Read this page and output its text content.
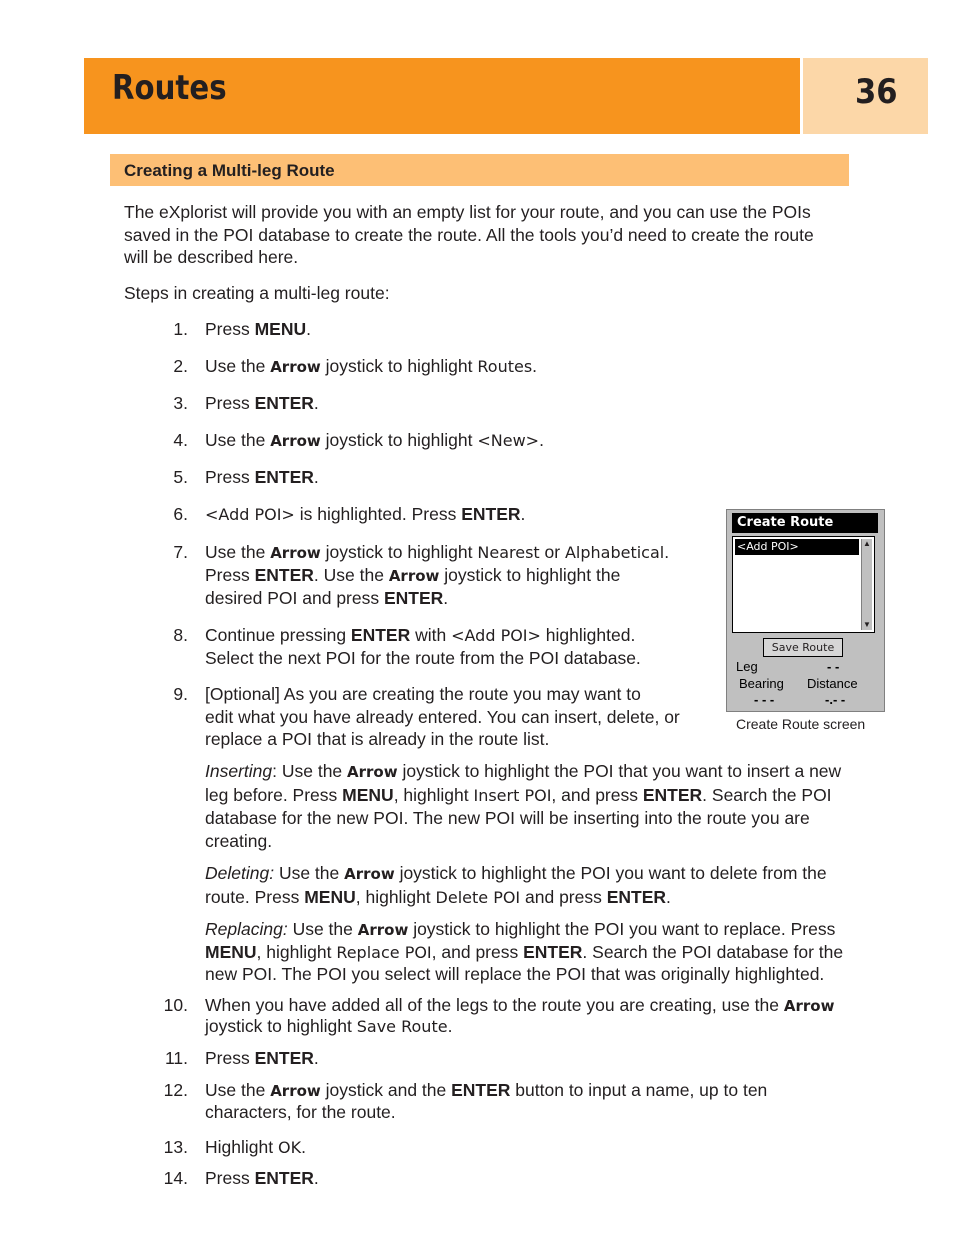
Routes	36
Creating a Multi-leg Route
The eXplorist will provide you with an empty list for your route, and you can use the POIs
saved in the POI database to create the route. All the tools you’d need to create the route
will be described here.
Steps in creating a multi-leg route:
1. Press MENU.
2. Use the Arrow joystick to highlight Routes.
3. Press ENTER.
4. Use the Arrow joystick to highlight <New>.
5. Press ENTER.
6. <Add POI> is highlighted. Press ENTER.
7. Use the Arrow joystick to highlight Nearest or Alphabetical.
Press ENTER. Use the Arrow joystick to highlight the
desired POI and press ENTER.
8. Continue pressing ENTER with <Add POI> highlighted.
Select the next POI for the route from the POI database.
9. [Optional] As you are creating the route you may want to
edit what you have already entered. You can insert, delete, or
replace a POI that is already in the route list.
Inserting: Use the Arrow joystick to highlight the POI that you want to insert a new
leg before. Press MENU, highlight Insert POI, and press ENTER. Search the POI
database for the new POI. The new POI will be inserting into the route you are
creating.
Deleting: Use the Arrow joystick to highlight the POI you want to delete from the
route. Press MENU, highlight Delete POI and press ENTER.
Replacing: Use the Arrow joystick to highlight the POI you want to replace. Press
MENU, highlight Replace POI, and press ENTER. Search the POI database for the
new POI. The POI you select will replace the POI that was originally highlighted.
10. When you have added all of the legs to the route you are creating, use the Arrow
joystick to highlight Save Route.
11. Press ENTER.
12. Use the Arrow joystick and the ENTER button to input a name, up to ten
characters, for the route.
13. Highlight OK.
14. Press ENTER.
Create Route
<Add POI>	▲
▼
Save Route
Leg	- -
Bearing Distance
- - -	-.- -
Create Route screen
